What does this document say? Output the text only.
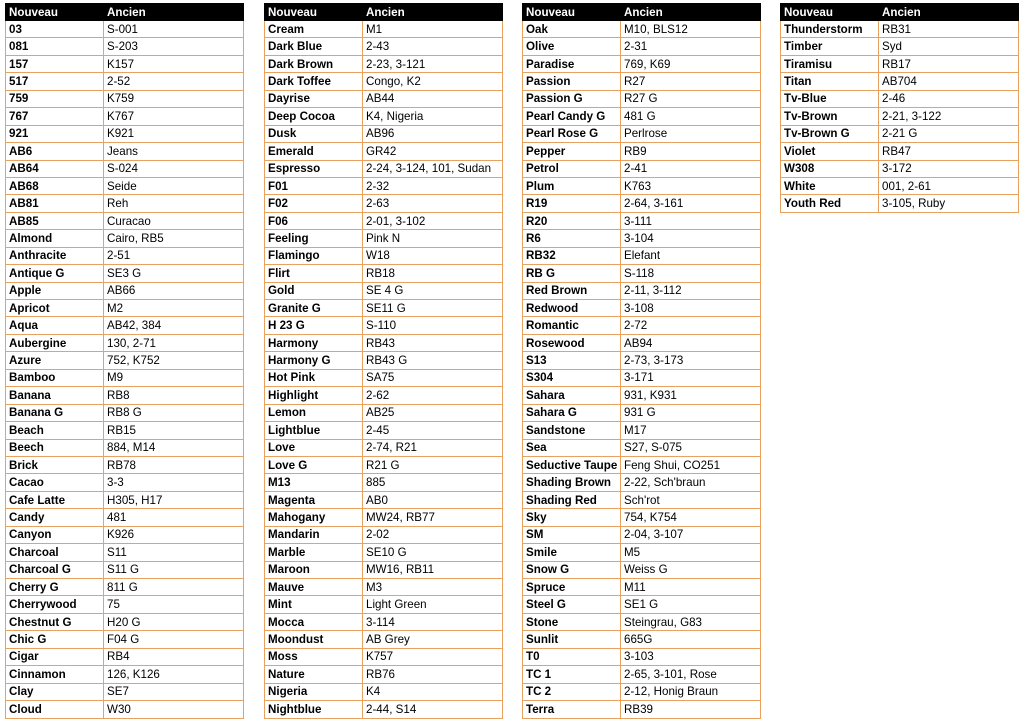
Nouveau	Ancien
03	S-001
081	S-203
157	K157
517	2-52
759	K759
767	K767
921	K921
AB6	Jeans
AB64	S-024
AB68	Seide
AB81	Reh
AB85	Curacao
Almond	Cairo, RB5
Anthracite	2-51
Antique G	SE3 G
Apple	AB66
Apricot	M2
Aqua	AB42, 384
Aubergine	130, 2-71
Azure	752, K752
Bamboo	M9
Banana	RB8
Banana G	RB8 G
Beach	RB15
Beech	884, M14
Brick	RB78
Cacao	3-3
Cafe Latte	H305, H17
Candy	481
Canyon	K926
Charcoal	S11
Charcoal G	S11 G
Cherry G	811 G
Cherrywood	75
Chestnut G	H20 G
Chic G	F04 G
Cigar	RB4
Cinnamon	126, K126
Clay	SE7
Cloud	W30
Nouveau	Ancien
Cream	M1
Dark Blue	2-43
Dark Brown	2-23, 3-121
Dark Toffee	Congo, K2
Dayrise	AB44
Deep Cocoa	K4, Nigeria
Dusk	AB96
Emerald	GR42
Espresso	2-24, 3-124, 101, Sudan
F01	2-32
F02	2-63
F06	2-01, 3-102
Feeling	Pink N
Flamingo	W18
Flirt	RB18
Gold	SE 4 G
Granite G	SE11 G
H 23 G	S-110
Harmony	RB43
Harmony G	RB43 G
Hot Pink	SA75
Highlight	2-62
Lemon	AB25
Lightblue	2-45
Love	2-74, R21
Love G	R21 G
M13	885
Magenta	AB0
Mahogany	MW24, RB77
Mandarin	2-02
Marble	SE10 G
Maroon	MW16, RB11
Mauve	M3
Mint	Light Green
Mocca	3-114
Moondust	AB Grey
Moss	K757
Nature	RB76
Nigeria	K4
Nightblue	2-44, S14
Nouveau	Ancien
Oak	M10, BLS12
Olive	2-31
Paradise	769, K69
Passion	R27
Passion G	R27 G
Pearl Candy G	481 G
Pearl Rose G	Perlrose
Pepper	RB9
Petrol	2-41
Plum	K763
R19	2-64, 3-161
R20	3-111
R6	3-104
RB32	Elefant
RB G	S-118
Red Brown	2-11, 3-112
Redwood	3-108
Romantic	2-72
Rosewood	AB94
S13	2-73, 3-173
S304	3-171
Sahara	931, K931
Sahara G	931 G
Sandstone	M17
Sea	S27, S-075
Seductive Taupe	Feng Shui, CO251
Shading Brown	2-22, Sch'braun
Shading Red	Sch'rot
Sky	754, K754
SM	2-04, 3-107
Smile	M5
Snow G	Weiss G
Spruce	M11
Steel G	SE1 G
Stone	Steingrau, G83
Sunlit	665G
T0	3-103
TC 1	2-65, 3-101, Rose
TC 2	2-12, Honig Braun
Terra	RB39
Nouveau	Ancien
Thunderstorm	RB31
Timber	Syd
Tiramisu	RB17
Titan	AB704
Tv-Blue	2-46
Tv-Brown	2-21, 3-122
Tv-Brown G	2-21 G
Violet	RB47
W308	3-172
White	001, 2-61
Youth Red	3-105, Ruby
